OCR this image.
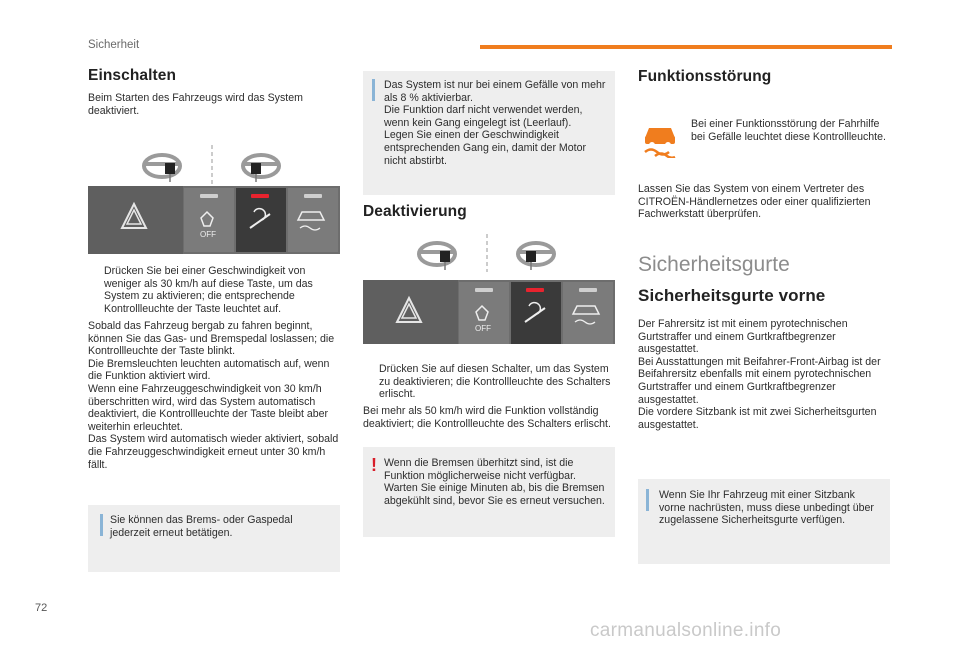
Sicherheit
Einschalten

Beim Starten des Fahrzeugs wird das System deaktiviert.

OFF
Drücken Sie bei einer Geschwindigkeit von weniger als 30 km/h auf diese Taste, um das System zu aktivieren; die entsprechende Kontrollleuchte der Taste leuchtet auf.

Sobald das Fahrzeug bergab zu fahren beginnt, können Sie das Gas- und Bremspedal loslassen; die Kontrollleuchte der Taste blinkt.
Die Bremsleuchten leuchten automatisch auf, wenn die Funktion aktiviert wird.
Wenn eine Fahrzeuggeschwindigkeit von 30 km/h überschritten wird, wird das System automatisch deaktiviert, die Kontrollleuchte der Taste bleibt aber weiterhin erleuchtet.
Das System wird automatisch wieder aktiviert, sobald die Fahrzeuggeschwindigkeit erneut unter 30 km/h fällt.

Sie können das Brems- oder Gaspedal jederzeit erneut betätigen.
Das System ist nur bei einem Gefälle von mehr als 8 % aktivierbar.
Die Funktion darf nicht verwendet werden, wenn kein Gang eingelegt ist (Leerlauf).
Legen Sie einen der Geschwindigkeit entsprechenden Gang ein, damit der Motor nicht abstirbt.
Deaktivierung
OFF
Drücken Sie auf diesen Schalter, um das System zu deaktivieren; die Kontrollleuchte des Schalters erlischt.

Bei mehr als 50 km/h wird die Funktion vollständig deaktiviert; die Kontrollleuchte des Schalters erlischt.

! Wenn die Bremsen überhitzt sind, ist die Funktion möglicherweise nicht verfügbar.
Warten Sie einige Minuten ab, bis die Bremsen abgekühlt sind, bevor Sie es erneut versuchen.
Funktionsstörung

Bei einer Funktionsstörung der Fahrhilfe bei Gefälle leuchtet diese Kontrollleuchte.

Lassen Sie das System von einem Vertreter des CITROËN-Händlernetzes oder einer qualifizierten Fachwerkstatt überprüfen.

Sicherheitsgurte
Sicherheitsgurte vorne

Der Fahrersitz ist mit einem pyrotechnischen Gurtstraffer und einem Gurtkraftbegrenzer ausgestattet.
Bei Ausstattungen mit Beifahrer-Front-Airbag ist der Beifahrersitz ebenfalls mit einem pyrotechnischen Gurtstraffer und einem Gurtkraftbegrenzer ausgestattet.
Die vordere Sitzbank ist mit zwei Sicherheitsgurten ausgestattet.

Wenn Sie Ihr Fahrzeug mit einer Sitzbank vorne nachrüsten, muss diese unbedingt über zugelassene Sicherheitsgurte verfügen.
72
carmanualsonline.info
